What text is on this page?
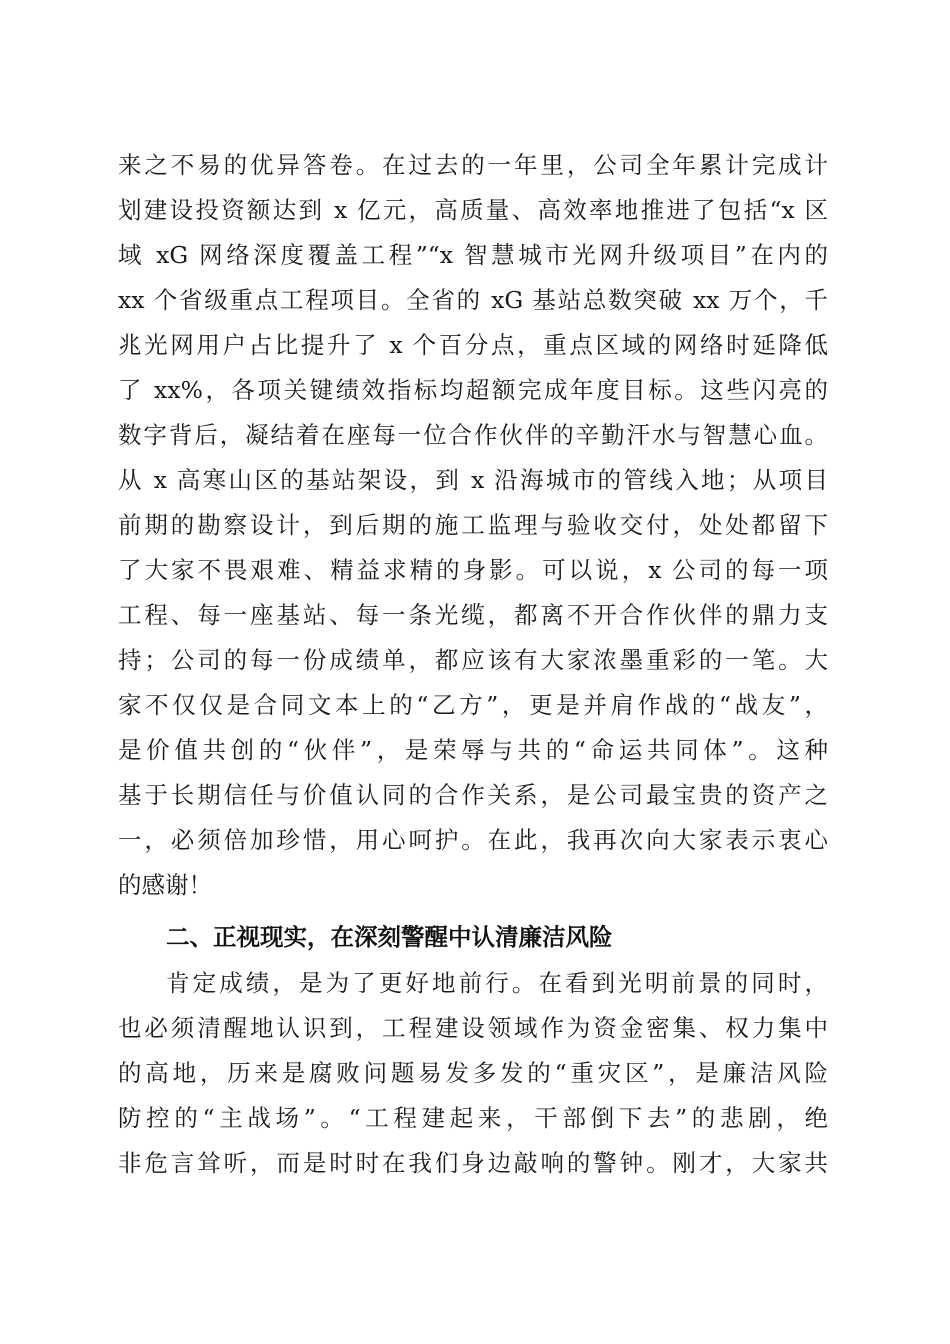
来之不易的优异答卷。在过去的一年里，公司全年累计完成计
划建设投资额达到 x 亿元，高质量、高效率地推进了包括“x 区
域 xG 网络深度覆盖工程”“x 智慧城市光网升级项目”在内的
xx 个省级重点工程项目。全省的 xG 基站总数突破 xx 万个，千
兆光网用户占比提升了 x 个百分点，重点区域的网络时延降低
了 xx%，各项关键绩效指标均超额完成年度目标。这些闪亮的
数字背后，凝结着在座每一位合作伙伴的辛勤汗水与智慧心血。
从 x 高寒山区的基站架设，到 x 沿海城市的管线入地；从项目
前期的勘察设计，到后期的施工监理与验收交付，处处都留下
了大家不畏艰难、精益求精的身影。可以说，x 公司的每一项
工程、每一座基站、每一条光缆，都离不开合作伙伴的鼎力支
持；公司的每一份成绩单，都应该有大家浓墨重彩的一笔。大
家不仅仅是合同文本上的“乙方”，更是并肩作战的“战友”，
是价值共创的“伙伴”，是荣辱与共的“命运共同体”。这种
基于长期信任与价值认同的合作关系，是公司最宝贵的资产之
一，必须倍加珍惜，用心呵护。在此，我再次向大家表示衷心
的感谢！
二、正视现实，在深刻警醒中认清廉洁风险
肯定成绩，是为了更好地前行。在看到光明前景的同时，
也必须清醒地认识到，工程建设领域作为资金密集、权力集中
的高地，历来是腐败问题易发多发的“重灾区”，是廉洁风险
防控的“主战场”。“工程建起来，干部倒下去”的悲剧，绝
非危言耸听，而是时时在我们身边敲响的警钟。刚才，大家共
